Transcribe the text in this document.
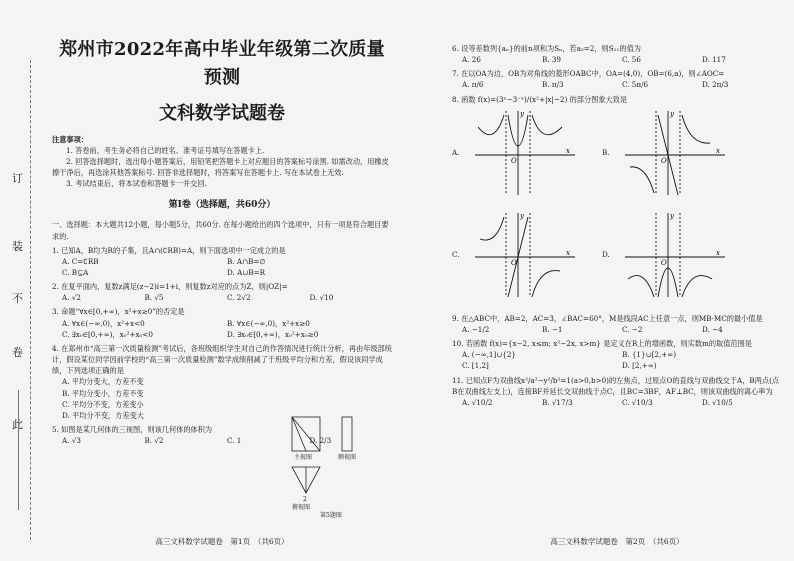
此
卷
不
装
订
郑州市2022年高中毕业年级第二次质量预测
文科数学试题卷

注意事项：

1. 答卷前，考生务必将自己的姓名、准考证号填写在答题卡上.

2. 回答选择题时，选出每小题答案后，用铅笔把答题卡上对应题目的答案标号涂黑. 如需改动，用橡皮擦干净后，再选涂其他答案标号. 回答非选择题时，将答案写在答题卡上. 写在本试卷上无效.

3. 考试结束后，将本试卷和答题卡一并交回.

第Ⅰ卷（选择题，共60分）

一、选择题：本大题共12小题，每小题5分，共60分. 在每小题给出的四个选项中，只有一项是符合题目要求的.

1. 已知A，B均为R的子集，且A∩(∁RB)=A，则下面选项中一定成立的是

A. C=∁RB	B. A∩B=∅
C. B⊆A	D. A∪B=R

2. 在复平面内，复数z满足(z−2)i=1+i，则复数z对应的点为Z，则|OZ|=

A. √2	B. √5	C. 2√2	D. √10

3. 命题“∀x∈[0,+∞)，x²+x≥0”的否定是

A. ∀x∈(−∞,0)，x²+x<0	B. ∀x∈(−∞,0)，x²+x≥0
C. ∃x₀∈[0,+∞)，x₀²+x₀<0	D. ∃x₀∈[0,+∞)，x₀²+x₀≥0

4. 在郑州市“高三第一次质量检测”考试后，各班级组织学生对自己的作答情况进行统计分析，再由年级部统计，假设某位同学因前学校的“高三第一次质量检测”数学成绩削减了于班级平均分和方差，假设该同学成绩，下列选项正确的是

A. 平均分变大，方差不变
B. 平均分变小，方差不变
C. 平均分不变，方差变小
D. 平均分不变，方差变大

5. 如图是某几何体的三视图，则该几何体的体积为

A. √3	B. √2	C. 1	D. 2/3
主视图	侧视图
2
俯视图
第5题图
高三文科数学试题卷　第1页　（共6页）

6. 设等差数列{aₙ}的前n项和为Sₙ，若a₃=2，则S₁₁的值为

A. 26	B. 39	C. 56	D. 117

7. 在以OA为边，OB为对角线的菱形OABC中，OA=(4,0)，OB=(6,a)，则∠AOC=

A. π/6	B. π/3	C. 5π/6	D. 2π/3

8. 函数 f(x)=(3ˣ−3⁻ˣ)/(x²+|x|−2) 的部分图象大致是

A.	x
y
O
B.	x
y
O
C.	x
y
O
D.	x
y
O

9. 在△ABC中，AB=2，AC=3，∠BAC=60°，M是线段AC上任意一点，则MB·MC的最小值是

A. −1/2	B. −1	C. −2	D. −4

10. 若函数 f(x)={x−2, x≤m; x²−2x, x>m} 是定义在R上的增函数，则实数m的取值范围是

A. (−∞,1]∪{2}	B. {1}∪[2,+∞)
C. [1,2]	D. [2,+∞)

11. 已知点F为双曲线x²/a²−y²/b²=1(a>0,b>0)的左焦点，过原点O的直线与双曲线交于A，B两点(点B在双曲线左支上)，连接BF并延长交双曲线于点C，且BC=3BF，AF⊥BC，则该双曲线的离心率为

A. √10/2	B. √17/3	C. √10/3	D. √10/5
高三文科数学试题卷　第2页　（共6页）
